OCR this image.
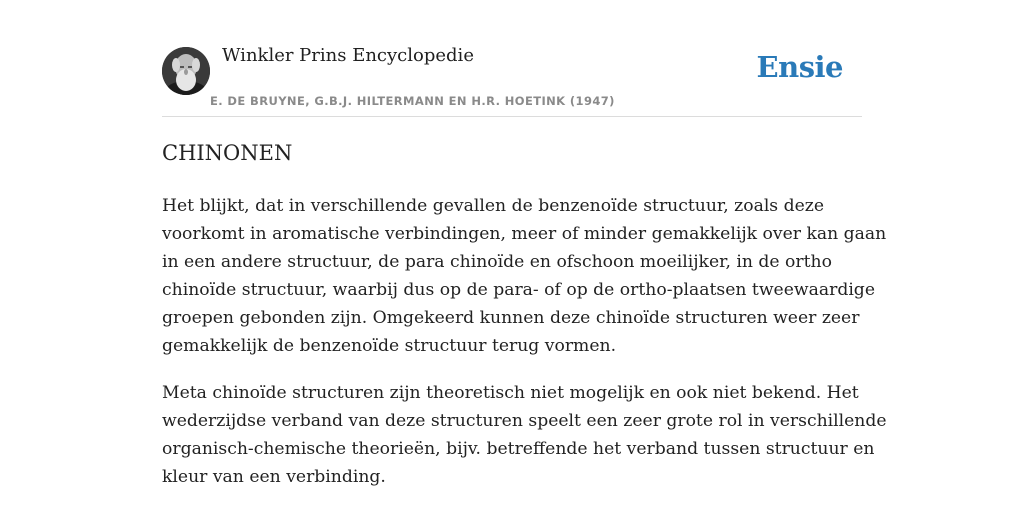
Winkler Prins Encyclopedie
E. DE BRUYNE, G.B.J. HILTERMANN EN H.R. HOETINK (1947)
Ensie
CHINONEN

Het blijkt, dat in verschillende gevallen de benzenoïde structuur, zoals deze
voorkomt in aromatische verbindingen, meer of minder gemakkelijk over kan gaan
in een andere structuur, de para chinoïde en ofschoon moeilijker, in de ortho
chinoïde structuur, waarbij dus op de para- of op de ortho-plaatsen tweewaardige
groepen gebonden zijn. Omgekeerd kunnen deze chinoïde structuren weer zeer
gemakkelijk de benzenoïde structuur terug vormen.

Meta chinoïde structuren zijn theoretisch niet mogelijk en ook niet bekend. Het
wederzijdse verband van deze structuren speelt een zeer grote rol in verschillende
organisch-chemische theorieën, bijv. betreffende het verband tussen structuur en
kleur van een verbinding.
